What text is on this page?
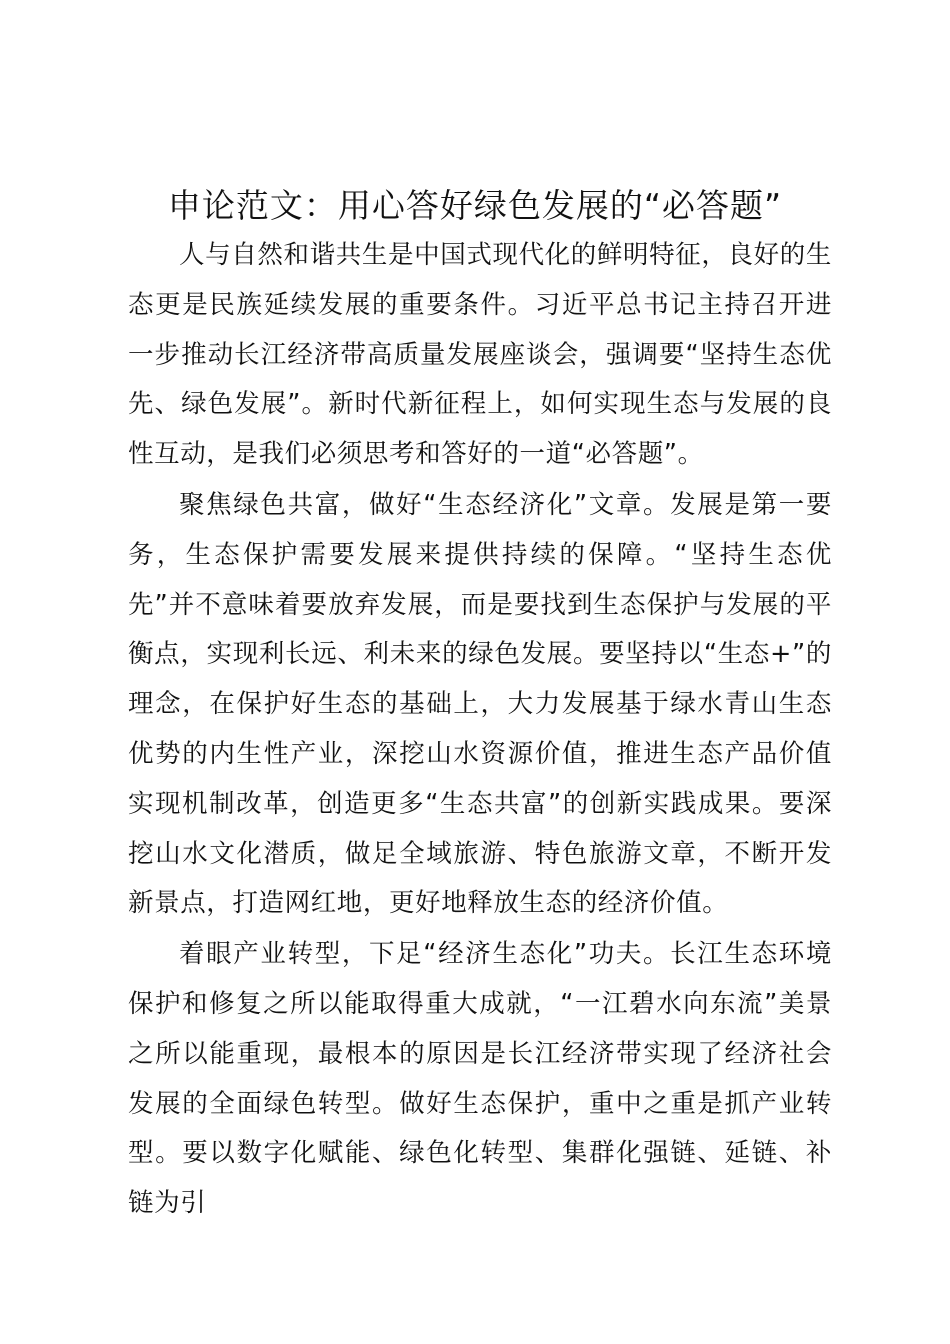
申论范文：用心答好绿色发展的“必答题”

人与自然和谐共生是中国式现代化的鲜明特征，良好的生态更是民族延续发展的重要条件。习近平总书记主持召开进一步推动长江经济带高质量发展座谈会，强调要“坚持生态优先、绿色发展”。新时代新征程上，如何实现生态与发展的良性互动，是我们必须思考和答好的一道“必答题”。

聚焦绿色共富，做好“生态经济化”文章。发展是第一要务，生态保护需要发展来提供持续的保障。“坚持生态优先”并不意味着要放弃发展，而是要找到生态保护与发展的平衡点，实现利长远、利未来的绿色发展。要坚持以“生态+”的理念，在保护好生态的基础上，大力发展基于绿水青山生态优势的内生性产业，深挖山水资源价值，推进生态产品价值实现机制改革，创造更多“生态共富”的创新实践成果。要深挖山水文化潜质，做足全域旅游、特色旅游文章，不断开发新景点，打造网红地，更好地释放生态的经济价值。

着眼产业转型，下足“经济生态化”功夫。长江生态环境保护和修复之所以能取得重大成就，“一江碧水向东流”美景之所以能重现，最根本的原因是长江经济带实现了经济社会发展的全面绿色转型。做好生态保护，重中之重是抓产业转型。要以数字化赋能、绿色化转型、集群化强链、延链、补链为引
